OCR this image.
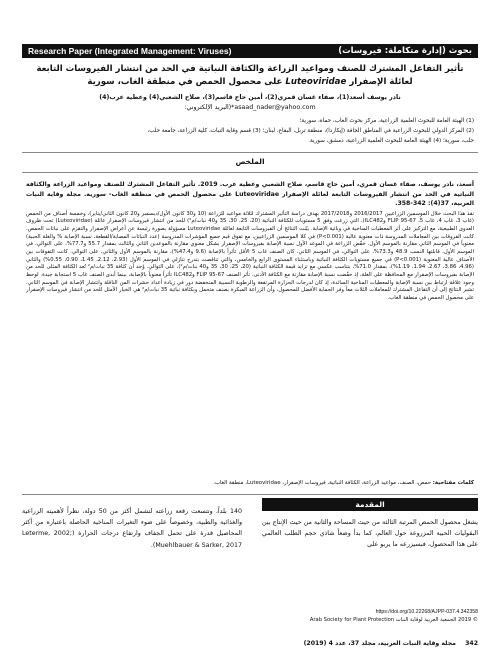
Research Paper (Integrated Management: Viruses)	بحوث (إدارة متكاملة: فيروسات)
تأثير التفاعل المشترك للصنف ومواعيد الزراعة والكثافة النباتية في الحد من انتشار الفيروسات التابعة
لعائلة الإصفرار Luteoviridae على محصول الحمص في منطقة الغاب، سورية
نادر يوسف أسعد(1)، صفاء غسان قمري(2)، أمين حاج قاسم(3)، صلاح الشعبي(4) وعطية عرب(4)
asaad_nader@yahoo.com*(البريد الإلكتروني:
(1) الهيئة العامة للبحوث العلمية الزراعية، مركز بحوث الغاب، حماة، سورية؛
(2) المركز الدولي للبحوث الزراعية في المناطق الجافة (إيكاردا)، منطقة تربل، البقاع، لبنان؛ (3) قسم وقاية النبات، كلية الزراعة، جامعة حلب،
حلب، سورية؛ (4) الهيئة العامة للبحوث العلمية الزراعية، دمشق، سورية.
الملخص
أسعد، نادر يوسف، صفاء غسان قمري، أمين حاج قاسم، صلاح الشعبي وعطية عرب. 2019. تأثير التفاعل المشترك للصنف ومواعيد الزراعة والكثافة النباتية في الحد من انتشار الفيروسات التابعة لعائلة الإصفرار Luteoviridae على محصول الحمص في منطقة الغاب- سورية. مجلة وقاية النبات العربية، 37(4): 342-358.
نفذ هذا البحث خلال الموسمين الزراعيين 2016/2017 و2017/2018 بهدف دراسة التأثير المشترك لثلاثة مواعيد للزراعة (10 و30 كانون الأول/ديسمبر و20 كانون الثاني/يناير)، وخمسة أصناف من الحمص (غاب 3، غاب 4، غاب 5، FLIP 95-67 وILC482)، التي زرعت وفق 5 مستويات للكثافة النباتية (20، 25، 30، 35 و40 نبات/م²) للحد من انتشار فيروسات الإصفرار عائلة (Luteoviridae) تحت ظروف العدوى الطبيعية، مع التركيز على أثر المعطيات المناخية في وبائية الإصابة. بيّنت النتائج أن الفيروسات التابعة لعائلة Luteoviridae مسؤولة بصورة رئيسة عن أعراض الإصفرار والتقزم على نباتات الحمص. كانت الفروقات بين المعاملات المدروسة ذات معنوية عالية (P<0.001) في كلا الموسمين الزراعيين، مع تفوق قيم جميع المؤشرات المدروسة (عدد النباتات المصابة/القطعة، نسبة الإصابة % والغلة الحبية) معنوياً في الموسم الثاني مقارنة بالموسم الأول. خفّض الزراعة في الموعد الأول نسبة الإصابة بفيروسات الإصفرار بشكل معنوي مقارنة بالموعدين الثاني والثالث بمقدار 55.7 و77.7%، على التوالي، في الموسم الأول، قابلتها النسب 48.9 و73.3%، على التوالي، في الموسم الثاني. كان الصنف غاب 5 الأقل تأثراً بالإصابة (9.6 و47.4%)، مقارنة بالموسم الأول والثاني، على التوالي. كانت التفوقات بين الأصناف عالية المعنوية (P<0.001) في جميع مستويات الكثافة النباتية وباستثناء المستوى الرابع والخامس، والتي تناقصت بتدرج تنازلي في الموسم الأول (2.93، 2.12، 1.45، 0.90، 0.55%) والثاني (4.96، 3.86، 2.67، 1.94، 1.19%)، بمقدار 71.0%، بتناسب عكسي مع تزايد قيمة الكثافة النباتية (20، 25، 30، 35 و40 نبات/م²)، على التوالي. وُجد أن كثافة 35 نبات/م² تُعد الكثافة المثلى للحد من الإصابة بفيروسات الإصفرار مع المحافظة على الغلة، إذ خفّضت نسبة الإصابة مقارنة مع الكثافة الأدنى. تأثر الصنف FLIP 95-67 وILC482 تأثراً معنوياً بالإصابة، بينما أبدى الصنف غاب 5 استجابة جيدة. لوحظ وجود علاقة ارتباط بين نسبة الإصابة والمعطيات المناخية السائدة، إذ كان لدرجات الحرارة المرتفعة والرطوبة النسبية المنخفضة دور في زيادة أعداد حشرات المن الناقلة وانتشار الإصابة في الموسم الثاني. تشير النتائج إلى أن التفاعل المشترك للمعاملات الثلاث معاً وفر الحماية الأفضل للمحصول، وأن الزراعة المبكرة بصنف متحمل وبكثافة نباتية 35 نبات/م² هي الخيار الأمثل للحد من انتشار فيروسات الإصفرار على محصول الحمص في منطقة الغاب.
كلمات مفتاحية: حمص، الصنف، مواعيد الزراعة، الكثافة النباتية، فيروسات الإصفرار، Luteoviridae، منطقة الغاب.
المقدمة
يشغل محصول الحمص المرتبة الثالثة من حيث المساحة والثانية من حيث الإنتاج بين البقوليات الحبية المزروعة حول العالم، كما بدأ وضعاً شاذي حجم الطلب العالمي على هذا المحصول، فبسيزرعه ما يربو على
140 بلداً، وتتسعت رقعة زراعته لتشمل أكثر من 50 دولة، نظراً لأهميته الزراعية والغذائية والطبية، وخصوصاً على ضوء التغيرات المناخية الحاصلة باعتباره من أكثر المحاصيل قدرة على تحمل الجفاف وارتفاع درجات الحرارة (Leterme, 2002; Muehlbauer & Sarker, 2017).
https://doi.org/10.22268/AJPP-037.4.342358
© 2019 الجمعية العربية لوقاية النبات Arab Society for Plant Protection
مجلة وقاية النبات العربية، مجلد 37، عدد 4 (2019) 342
